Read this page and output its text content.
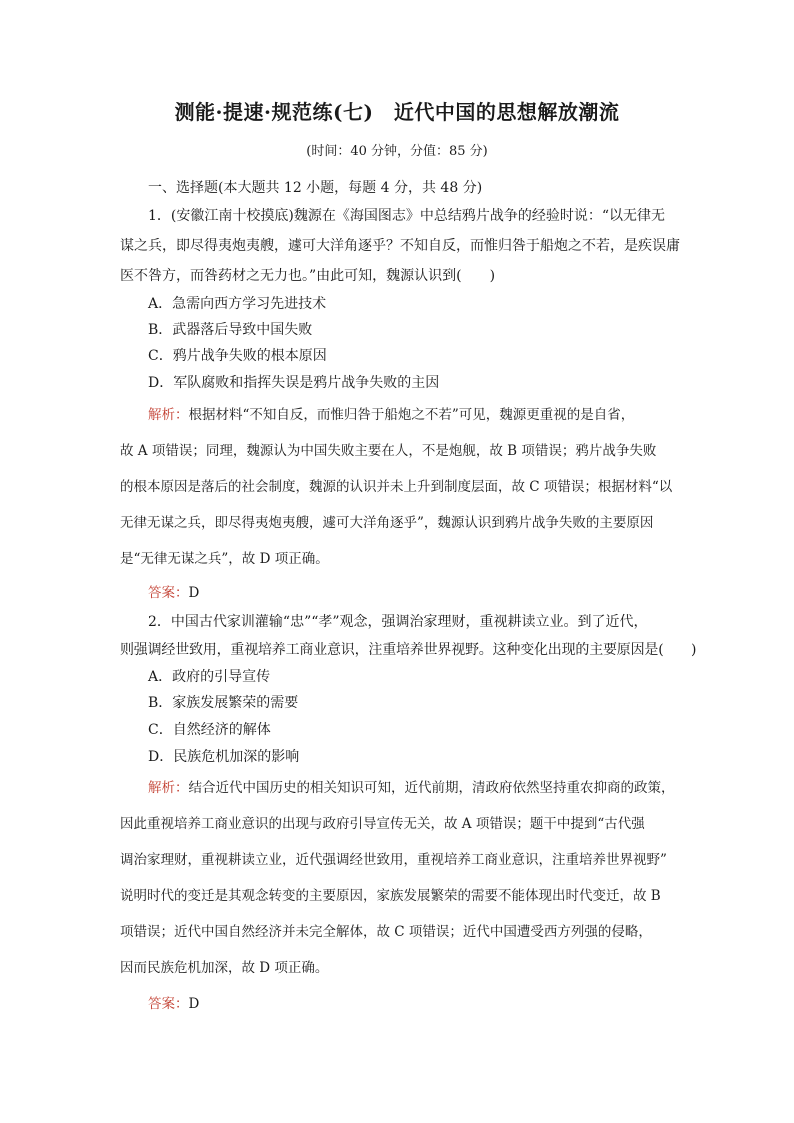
测能·提速·规范练(七)　近代中国的思想解放潮流
(时间：40 分钟，分值：85 分)
一、选择题(本大题共 12 小题，每题 4 分，共 48 分)
1．(安徽江南十校摸底)魏源在《海国图志》中总结鸦片战争的经验时说：“以无律无
谋之兵，即尽得夷炮夷艘，遽可大洋角逐乎？不知自反，而惟归咎于船炮之不若，是疾误庸
医不咎方，而咎药材之无力也。”由此可知，魏源认识到(　　)
A．急需向西方学习先进技术
B．武器落后导致中国失败
C．鸦片战争失败的根本原因
D．军队腐败和指挥失误是鸦片战争失败的主因
解析：根据材料“不知自反，而惟归咎于船炮之不若”可见，魏源更重视的是自省，
故 A 项错误；同理，魏源认为中国失败主要在人，不是炮舰，故 B 项错误；鸦片战争失败
的根本原因是落后的社会制度，魏源的认识并未上升到制度层面，故 C 项错误；根据材料“以
无律无谋之兵，即尽得夷炮夷艘，遽可大洋角逐乎”，魏源认识到鸦片战争失败的主要原因
是“无律无谋之兵”，故 D 项正确。
答案：D
2．中国古代家训灌输“忠”“孝”观念，强调治家理财，重视耕读立业。到了近代，
则强调经世致用，重视培养工商业意识，注重培养世界视野。这种变化出现的主要原因是(　　)
A．政府的引导宣传
B．家族发展繁荣的需要
C．自然经济的解体
D．民族危机加深的影响
解析：结合近代中国历史的相关知识可知，近代前期，清政府依然坚持重农抑商的政策，
因此重视培养工商业意识的出现与政府引导宣传无关，故 A 项错误；题干中提到“古代强
调治家理财，重视耕读立业，近代强调经世致用，重视培养工商业意识，注重培养世界视野”
说明时代的变迁是其观念转变的主要原因，家族发展繁荣的需要不能体现出时代变迁，故 B
项错误；近代中国自然经济并未完全解体，故 C 项错误；近代中国遭受西方列强的侵略，
因而民族危机加深，故 D 项正确。
答案：D
